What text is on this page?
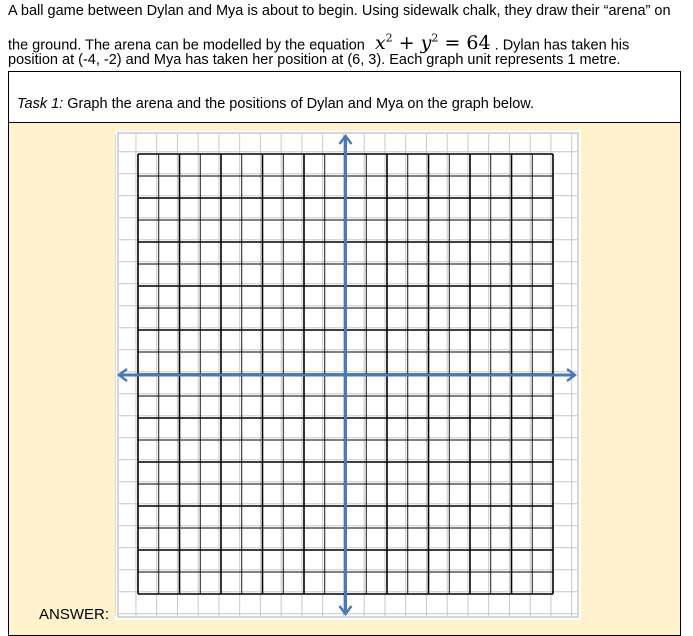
A ball game between Dylan and Mya is about to begin. Using sidewalk chalk, they draw their “arena” on
the ground. The arena can be modelled by the equation $x^2 + y^2 = 64$ . Dylan has taken his
position at (-4, -2) and Mya has taken her position at (6, 3). Each graph unit represents 1 metre.
Task 1: Graph the arena and the positions of Dylan and Mya on the graph below.
ANSWER:
